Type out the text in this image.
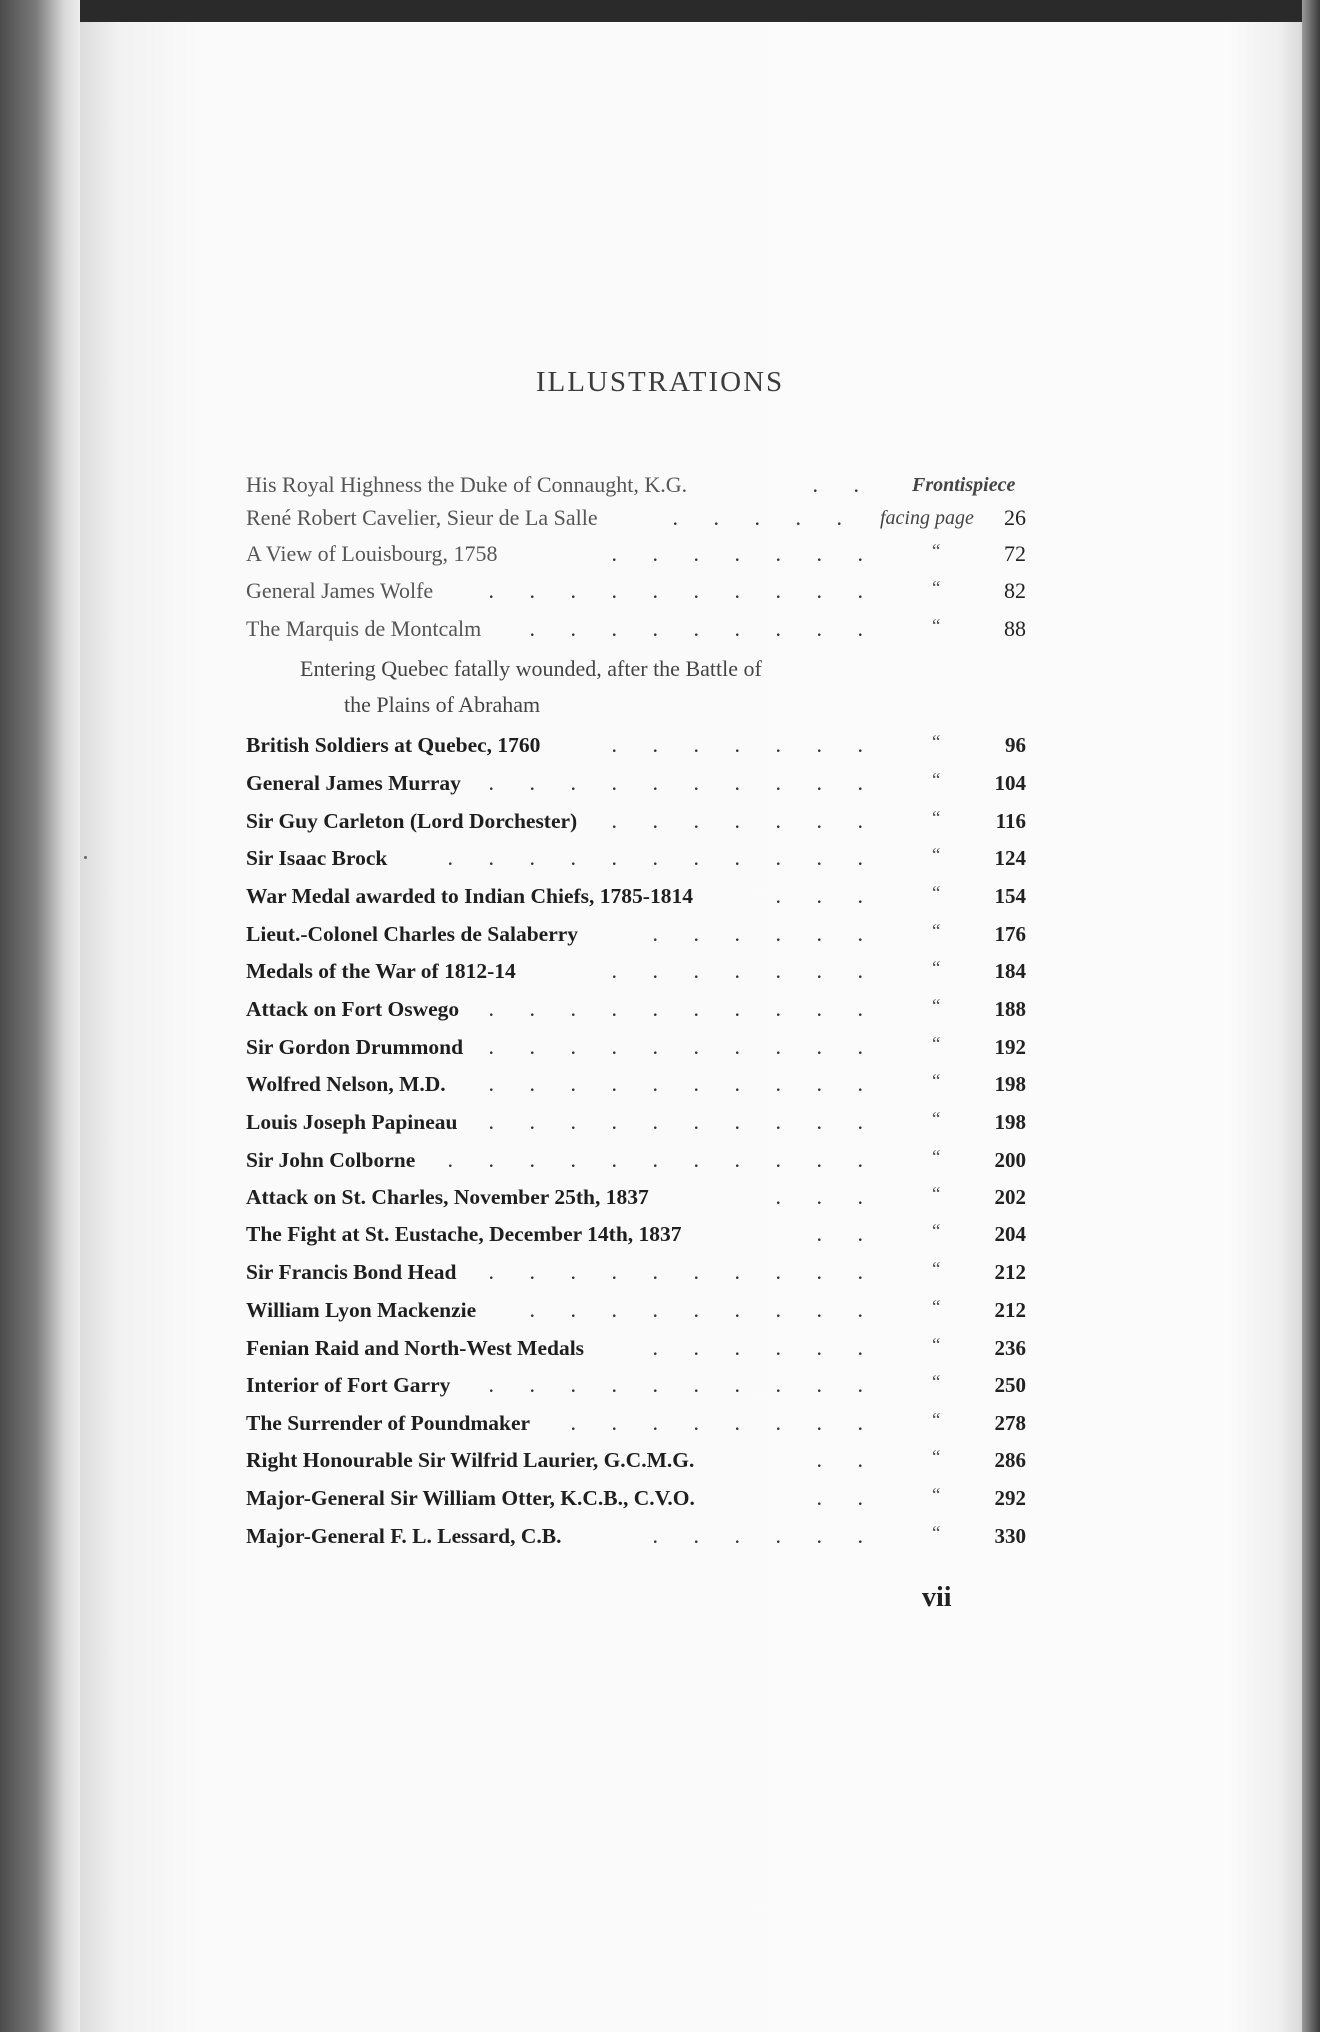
ILLUSTRATIONS
His Royal Highness the Duke of Connaught, K.G.	. . Frontispiece
René Robert Cavelier, Sieur de La Salle	. . . . . facing page	26
A View of Louisbourg, 1758	. . . . . . .	“	72
General James Wolfe	. . . . . . . . . .	“	82
The Marquis de Montcalm . . . . . . . . .	“	88
Entering Quebec fatally wounded, after the Battle of
the Plains of Abraham
British Soldiers at Quebec, 1760	. . . . . . .	“	96
General James Murray . . . . . . . . . .	“	104
Sir Guy Carleton (Lord Dorchester) . . . . . . .	“	116
Sir Isaac Brock	. . . . . . . . . . .	“	124
War Medal awarded to Indian Chiefs, 1785-1814	. . .	“	154
Lieut.-Colonel Charles de Salaberry	. . . . . .	“	176
Medals of the War of 1812-14	. . . . . . .	“	184
Attack on Fort Oswego . . . . . . . . . .	“	188
Sir Gordon Drummond . . . . . . . . . .	“	192
Wolfred Nelson, M.D. . . . . . . . . . .	“	198
Louis Joseph Papineau . . . . . . . . . .	“	198
Sir John Colborne . . . . . . . . . . .	“	200
Attack on St. Charles, November 25th, 1837	. . .	“	202
The Fight at St. Eustache, December 14th, 1837	. .	“	204
Sir Francis Bond Head . . . . . . . . . .	“	212
William Lyon Mackenzie . . . . . . . . .	“	212
Fenian Raid and North-West Medals	. . . . . .	“	236
Interior of Fort Garry . . . . . . . . . .	“	250
The Surrender of Poundmaker . . . . . . . .	“	278
Right Honourable Sir Wilfrid Laurier, G.C.M.G.	. .	“	286
Major-General Sir William Otter, K.C.B., C.V.O.	. .	“	292
Major-General F. L. Lessard, C.B.	. . . . . .	“	330
vii
